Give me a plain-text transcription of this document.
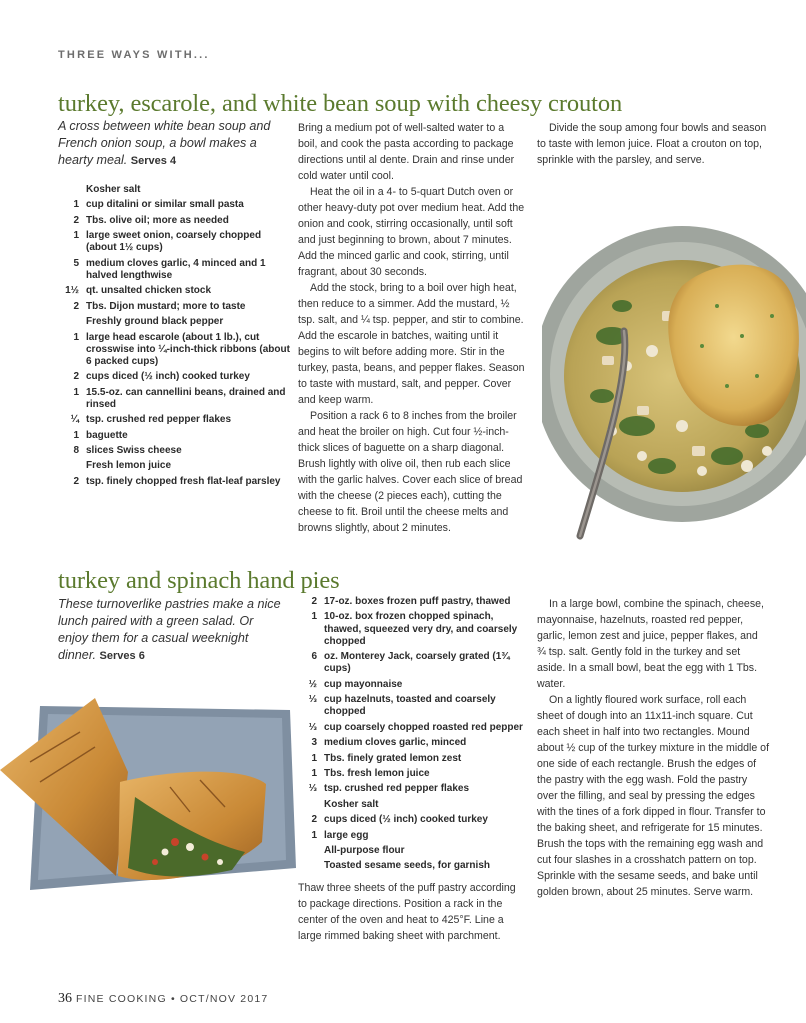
THREE WAYS WITH...
turkey, escarole, and white bean soup with cheesy crouton
A cross between white bean soup and French onion soup, a bowl makes a hearty meal. Serves 4
Kosher salt
1 cup ditalini or similar small pasta
2 Tbs. olive oil; more as needed
1 large sweet onion, coarsely chopped (about 1½ cups)
5 medium cloves garlic, 4 minced and 1 halved lengthwise
1½ qt. unsalted chicken stock
2 Tbs. Dijon mustard; more to taste
Freshly ground black pepper
1 large head escarole (about 1 lb.), cut crosswise into ¼-inch-thick ribbons (about 6 packed cups)
2 cups diced (½ inch) cooked turkey
1 15.5-oz. can cannellini beans, drained and rinsed
¼ tsp. crushed red pepper flakes
1 baguette
8 slices Swiss cheese
Fresh lemon juice
2 tsp. finely chopped fresh flat-leaf parsley

Bring a medium pot of well-salted water to a boil, and cook the pasta according to package directions until al dente. Drain and rinse under cold water until cool.

Heat the oil in a 4- to 5-quart Dutch oven or other heavy-duty pot over medium heat. Add the onion and cook, stirring occasionally, until soft and just beginning to brown, about 7 minutes. Add the minced garlic and cook, stirring, until fragrant, about 30 seconds.

Add the stock, bring to a boil over high heat, then reduce to a simmer. Add the mustard, ½ tsp. salt, and ¼ tsp. pepper, and stir to combine. Add the escarole in batches, waiting until it begins to wilt before adding more. Stir in the turkey, pasta, beans, and pepper flakes. Season to taste with mustard, salt, and pepper. Cover and keep warm.

Position a rack 6 to 8 inches from the broiler and heat the broiler on high. Cut four ½-inch-thick slices of baguette on a sharp diagonal. Brush lightly with olive oil, then rub each slice with the garlic halves. Cover each slice of bread with the cheese (2 pieces each), cutting the cheese to fit. Broil until the cheese melts and browns slightly, about 2 minutes.

Divide the soup among four bowls and season to taste with lemon juice. Float a crouton on top, sprinkle with the parsley, and serve.

turkey and spinach hand pies
These turnoverlike pastries make a nice lunch paired with a green salad. Or enjoy them for a casual weeknight dinner. Serves 6
2 17-oz. boxes frozen puff pastry, thawed
1 10-oz. box frozen chopped spinach, thawed, squeezed very dry, and coarsely chopped
6 oz. Monterey Jack, coarsely grated (1¾ cups)
½ cup mayonnaise
⅓ cup hazelnuts, toasted and coarsely chopped
⅓ cup coarsely chopped roasted red pepper
3 medium cloves garlic, minced
1 Tbs. finely grated lemon zest
1 Tbs. fresh lemon juice
⅓ tsp. crushed red pepper flakes
Kosher salt
2 cups diced (½ inch) cooked turkey
1 large egg
All-purpose flour
Toasted sesame seeds, for garnish

Thaw three sheets of the puff pastry according to package directions. Position a rack in the center of the oven and heat to 425°F. Line a large rimmed baking sheet with parchment.

In a large bowl, combine the spinach, cheese, mayonnaise, hazelnuts, roasted red pepper, garlic, lemon zest and juice, pepper flakes, and ¾ tsp. salt. Gently fold in the turkey and set aside. In a small bowl, beat the egg with 1 Tbs. water.

On a lightly floured work surface, roll each sheet of dough into an 11x11-inch square. Cut each sheet in half into two rectangles. Mound about ½ cup of the turkey mixture in the middle of one side of each rectangle. Brush the edges of the pastry with the egg wash. Fold the pastry over the filling, and seal by pressing the edges with the tines of a fork dipped in flour. Transfer to the baking sheet, and refrigerate for 15 minutes. Brush the tops with the remaining egg wash and cut four slashes in a crosshatch pattern on top. Sprinkle with the sesame seeds, and bake until golden brown, about 25 minutes. Serve warm.

36 FINE COOKING • OCT/NOV 2017
